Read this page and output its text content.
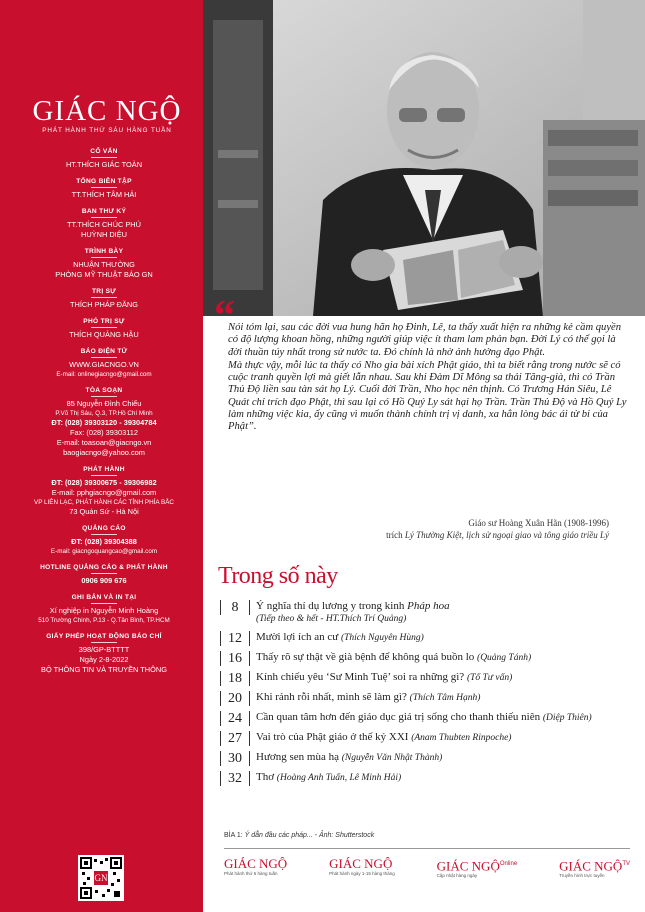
GIÁC NGỘ
PHÁT HÀNH THỨ SÁU HÀNG TUẦN
CỐ VẤN
HT.THÍCH GIÁC TOÀN
TỔNG BIÊN TẬP
TT.THÍCH TÂM HẢI
BAN THƯ KÝ
TT.THÍCH CHÚC PHÚ
HUỲNH DIỆU
TRÌNH BÀY
NHUẬN THƯỜNG
PHÒNG MỸ THUẬT BÁO GN
TRỊ SỰ
THÍCH PHÁP ĐĂNG
PHÓ TRỊ SỰ
THÍCH QUẢNG HẬU
BÁO ĐIỆN TỬ
WWW.GIACNGO.VN
E-mail: onlinegiacngo@gmail.com
TÒA SOẠN
85 Nguyễn Đình Chiểu
P.Võ Thị Sáu, Q.3, TP.Hồ Chí Minh
ĐT: (028) 39303120 - 39304784
Fax: (028) 39303112
E-mail: toasoan@giacngo.vn
baogiacngo@yahoo.com
PHÁT HÀNH
ĐT: (028) 39300675 - 39306982
E-mail: pphgiacngo@gmail.com
VP LIÊN LẠC, PHÁT HÀNH CÁC TỈNH PHÍA BẮC
73 Quán Sứ - Hà Nội
QUẢNG CÁO
ĐT: (028) 39304388
E-mail: giacngoquangcao@gmail.com
HOTLINE QUẢNG CÁO & PHÁT HÀNH
0906 909 676
GHI BẢN VÀ IN TẠI
Xí nghiệp in Nguyễn Minh Hoàng
510 Trường Chinh, P.13 - Q.Tân Bình, TP.HCM
GIẤY PHÉP HOẠT ĐỘNG BÁO CHÍ
398/GP-BTTTT
Ngày 2-8-2022
BỘ THÔNG TIN VÀ TRUYỀN THÔNG
GN
“

Nói tóm lại, sau các đời vua hung hãn họ Đinh, Lê, ta thấy xuất hiện ra những kẻ cầm quyền có độ lượng khoan hồng, những người giúp việc ít tham lam phản bạn. Đời Lý có thể gọi là đời thuần túy nhất trong sử nước ta. Đó chính là nhờ ảnh hưởng đạo Phật.

Mà thực vậy, mỗi lúc ta thấy có Nho gia bài xích Phật giáo, thì ta biết rằng trong nước sẽ có cuộc tranh quyền lợi mà giết lẫn nhau. Sau khi Đàm Dĩ Mông sa thải Tăng-già, thì có Trần Thủ Độ liền sau tàn sát họ Lý. Cuối đời Trần, Nho học nên thịnh. Có Trương Hán Siêu, Lê Quát chỉ trích đạo Phật, thì sau lại có Hồ Quý Ly sát hại họ Trần. Trần Thủ Độ và Hồ Quý Ly làm những việc kia, ấy cũng vì muốn thành chính trị vị danh, xa hẳn lòng bác ái từ bi của Phật”.

Giáo sư Hoàng Xuân Hãn (1908-1996)
trích Lý Thường Kiệt, lịch sử ngoại giao và tông giáo triều Lý
Trong số này
8	Ý nghĩa thí dụ lương y trong kinh Pháp hoa
(Tiếp theo & hết - HT.Thích Trí Quảng)
12	Mười lợi ích an cư (Thích Nguyên Hùng)
16	Thấy rõ sự thật về già bệnh để không quá buồn lo (Quảng Tánh)
18	Kính chiếu yêu ‘Sư Minh Tuệ’ soi ra những gì? (Tố Tư vấn)
20	Khi rảnh rỗi nhất, mình sẽ làm gì? (Thích Tâm Hạnh)
24	Cần quan tâm hơn đến giáo dục giá trị sống cho thanh thiếu niên (Diệp Thiên)
27	Vai trò của Phật giáo ở thế kỷ XXI (Anam Thubten Rinpoche)
30	Hương sen mùa hạ (Nguyễn Văn Nhật Thành)
32	Thơ (Hoàng Anh Tuấn, Lê Minh Hải)
BÌA 1: Ý dẫn đầu các pháp... - Ảnh: Shutterstock
GIÁC NGỘ
Phát hành thứ 6 hàng tuần
GIÁC NGỘ
Phát hành ngày 1-15 hàng tháng
GIÁC NGỘ$^{Online}$
Cập nhật hàng ngày
GIÁC NGỘ$^{TV}$
Truyền hình trực tuyến
